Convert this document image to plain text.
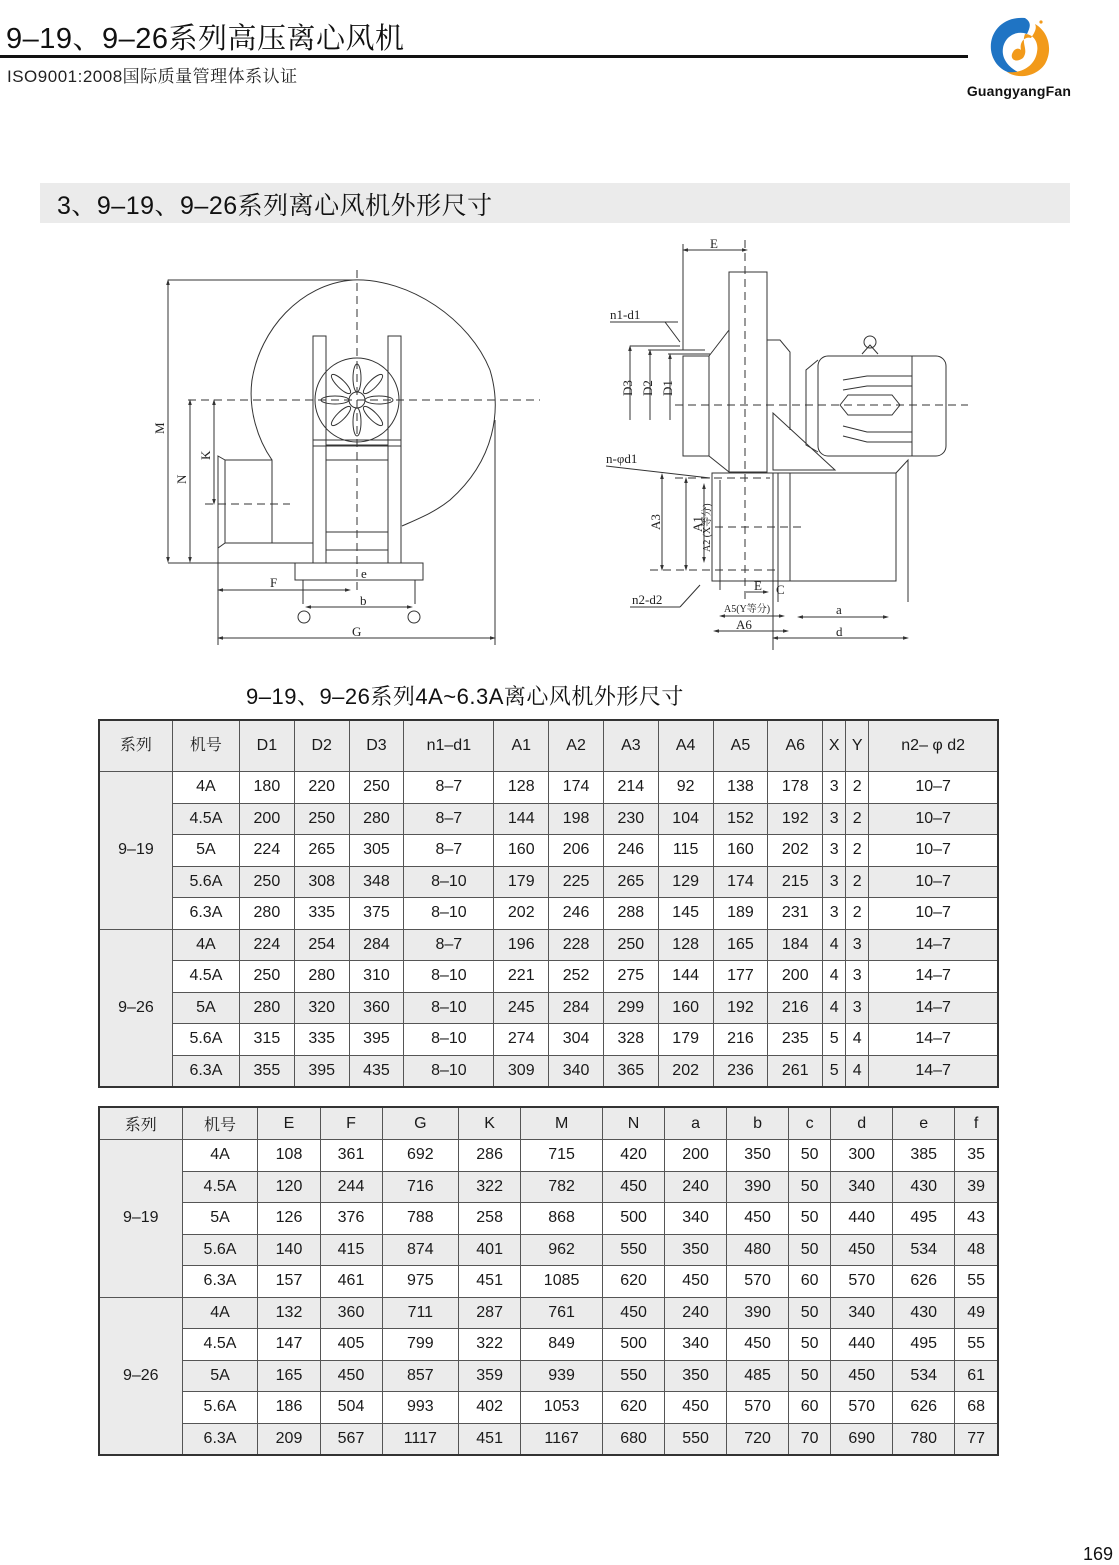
9–19、9–26系列高压离心风机
ISO9001:2008国际质量管理体系认证
GuangyangFan
3、9–19、9–26系列离心风机外形尺寸
M
N
K
F
e
b
G
E
n1-d1
D3 D2 D1
n-φd1
A3	A2 (X等分)
A1
n2-d2
E C
A5(Y等分)
A6
a
d
9–19、9–26系列4A~6.3A离心风机外形尺寸
系列	机号	D1	D2	D3	n1–d1	A1	A2	A3	A4	A5	A6	X	Y	n2– φ d2
9–19	4A	180	220	250	8–7	128	174	214	92	138	178	3	2	10–7
	4.5A	200	250	280	8–7	144	198	230	104	152	192	3	2	10–7
	5A	224	265	305	8–7	160	206	246	115	160	202	3	2	10–7
	5.6A	250	308	348	8–10	179	225	265	129	174	215	3	2	10–7
	6.3A	280	335	375	8–10	202	246	288	145	189	231	3	2	10–7
9–26	4A	224	254	284	8–7	196	228	250	128	165	184	4	3	14–7
	4.5A	250	280	310	8–10	221	252	275	144	177	200	4	3	14–7
	5A	280	320	360	8–10	245	284	299	160	192	216	4	3	14–7
	5.6A	315	335	395	8–10	274	304	328	179	216	235	5	4	14–7
	6.3A	355	395	435	8–10	309	340	365	202	236	261	5	4	14–7
系列	机号	E	F	G	K	M	N	a	b	c	d	e	f
9–19	4A	108	361	692	286	715	420	200	350	50	300	385	35
	4.5A	120	244	716	322	782	450	240	390	50	340	430	39
	5A	126	376	788	258	868	500	340	450	50	440	495	43
	5.6A	140	415	874	401	962	550	350	480	50	450	534	48
	6.3A	157	461	975	451	1085	620	450	570	60	570	626	55
9–26	4A	132	360	711	287	761	450	240	390	50	340	430	49
	4.5A	147	405	799	322	849	500	340	450	50	440	495	55
	5A	165	450	857	359	939	550	350	485	50	450	534	61
	5.6A	186	504	993	402	1053	620	450	570	60	570	626	68
	6.3A	209	567	1117	451	1167	680	550	720	70	690	780	77
169
